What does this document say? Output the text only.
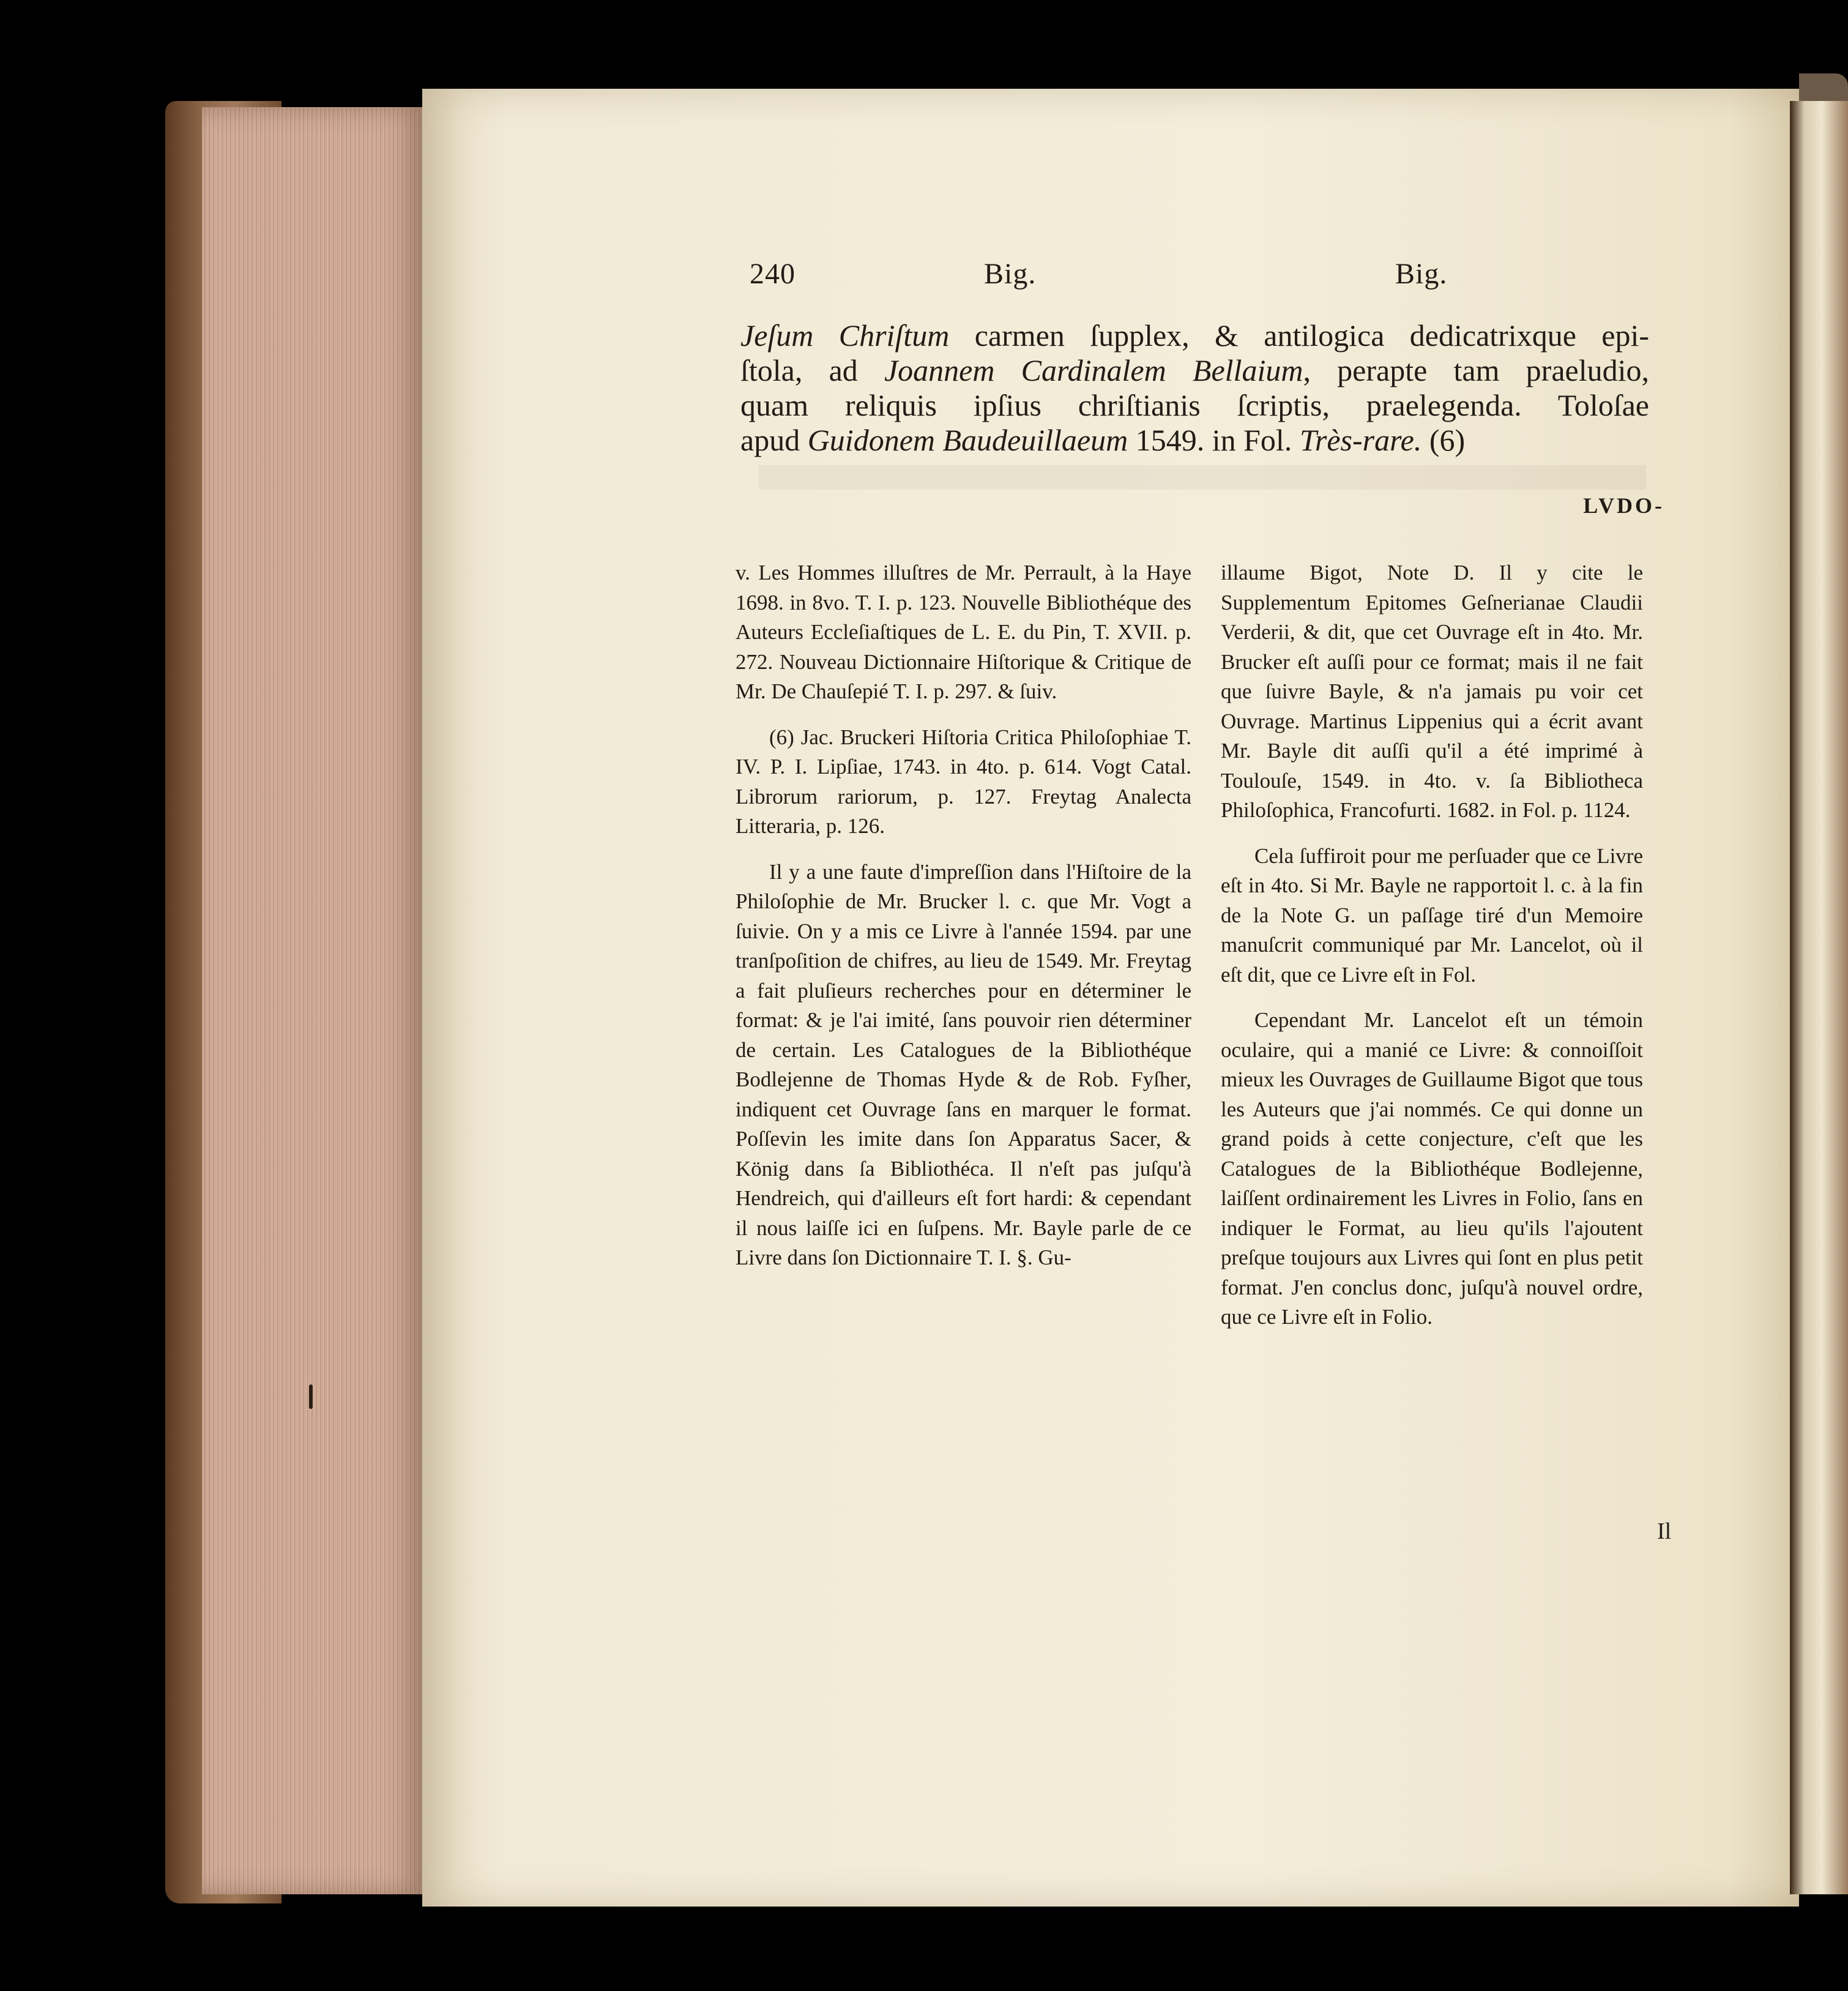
240	Big.	Big.
Jeſum Chriſtum carmen ſupplex, & antilogica dedicatrixque epi-
ſtola, ad Joannem Cardinalem Bellaium, perapte tam praeludio,
quam reliquis ipſius chriſtianis ſcriptis, praelegenda. Toloſae
apud Guidonem Baudeuillaeum 1549. in Fol. Très-rare. (6)
LVDO-

v. Les Hommes illuſtres de Mr. Perrault, à la Haye 1698. in 8vo. T. I. p. 123. Nouvelle Bibliothéque des Auteurs Eccleſiaſtiques de L. E. du Pin, T. XVII. p. 272. Nouveau Dictionnaire Hiſtorique & Critique de Mr. De Chauſepié T. I. p. 297. & ſuiv.

(6) Jac. Bruckeri Hiſtoria Critica Philoſophiae T. IV. P. I. Lipſiae, 1743. in 4to. p. 614. Vogt Catal. Librorum rariorum, p. 127. Freytag Analecta Litteraria, p. 126.

Il y a une faute d'impreſſion dans l'Hiſtoire de la Philoſophie de Mr. Brucker l. c. que Mr. Vogt a ſuivie. On y a mis ce Livre à l'année 1594. par une tranſpoſition de chifres, au lieu de 1549. Mr. Freytag a fait pluſieurs recherches pour en déterminer le format: & je l'ai imité, ſans pouvoir rien déterminer de certain. Les Catalogues de la Bibliothéque Bodlejenne de Thomas Hyde & de Rob. Fyſher, indiquent cet Ouvrage ſans en marquer le format. Poſſevin les imite dans ſon Apparatus Sacer, & König dans ſa Bibliothéca. Il n'eſt pas juſqu'à Hendreich, qui d'ailleurs eſt fort hardi: & cependant il nous laiſſe ici en ſuſpens. Mr. Bayle parle de ce Livre dans ſon Dictionnaire T. I. §. Gu-

illaume Bigot, Note D. Il y cite le Supplementum Epitomes Geſnerianae Claudii Verderii, & dit, que cet Ouvrage eſt in 4to. Mr. Brucker eſt auſſi pour ce format; mais il ne fait que ſuivre Bayle, & n'a jamais pu voir cet Ouvrage. Martinus Lippenius qui a écrit avant Mr. Bayle dit auſſi qu'il a été imprimé à Toulouſe, 1549. in 4to. v. ſa Bibliotheca Philoſophica, Francofurti. 1682. in Fol. p. 1124.

Cela ſuffiroit pour me perſuader que ce Livre eſt in 4to. Si Mr. Bayle ne rapportoit l. c. à la fin de la Note G. un paſſage tiré d'un Memoire manuſcrit communiqué par Mr. Lancelot, où il eſt dit, que ce Livre eſt in Fol.

Cependant Mr. Lancelot eſt un témoin oculaire, qui a manié ce Livre: & connoiſſoit mieux les Ouvrages de Guillaume Bigot que tous les Auteurs que j'ai nommés. Ce qui donne un grand poids à cette conjecture, c'eſt que les Catalogues de la Bibliothéque Bodlejenne, laiſſent ordinairement les Livres in Folio, ſans en indiquer le Format, au lieu qu'ils l'ajoutent preſque toujours aux Livres qui ſont en plus petit format. J'en conclus donc, juſqu'à nouvel ordre, que ce Livre eſt in Folio.

Il
